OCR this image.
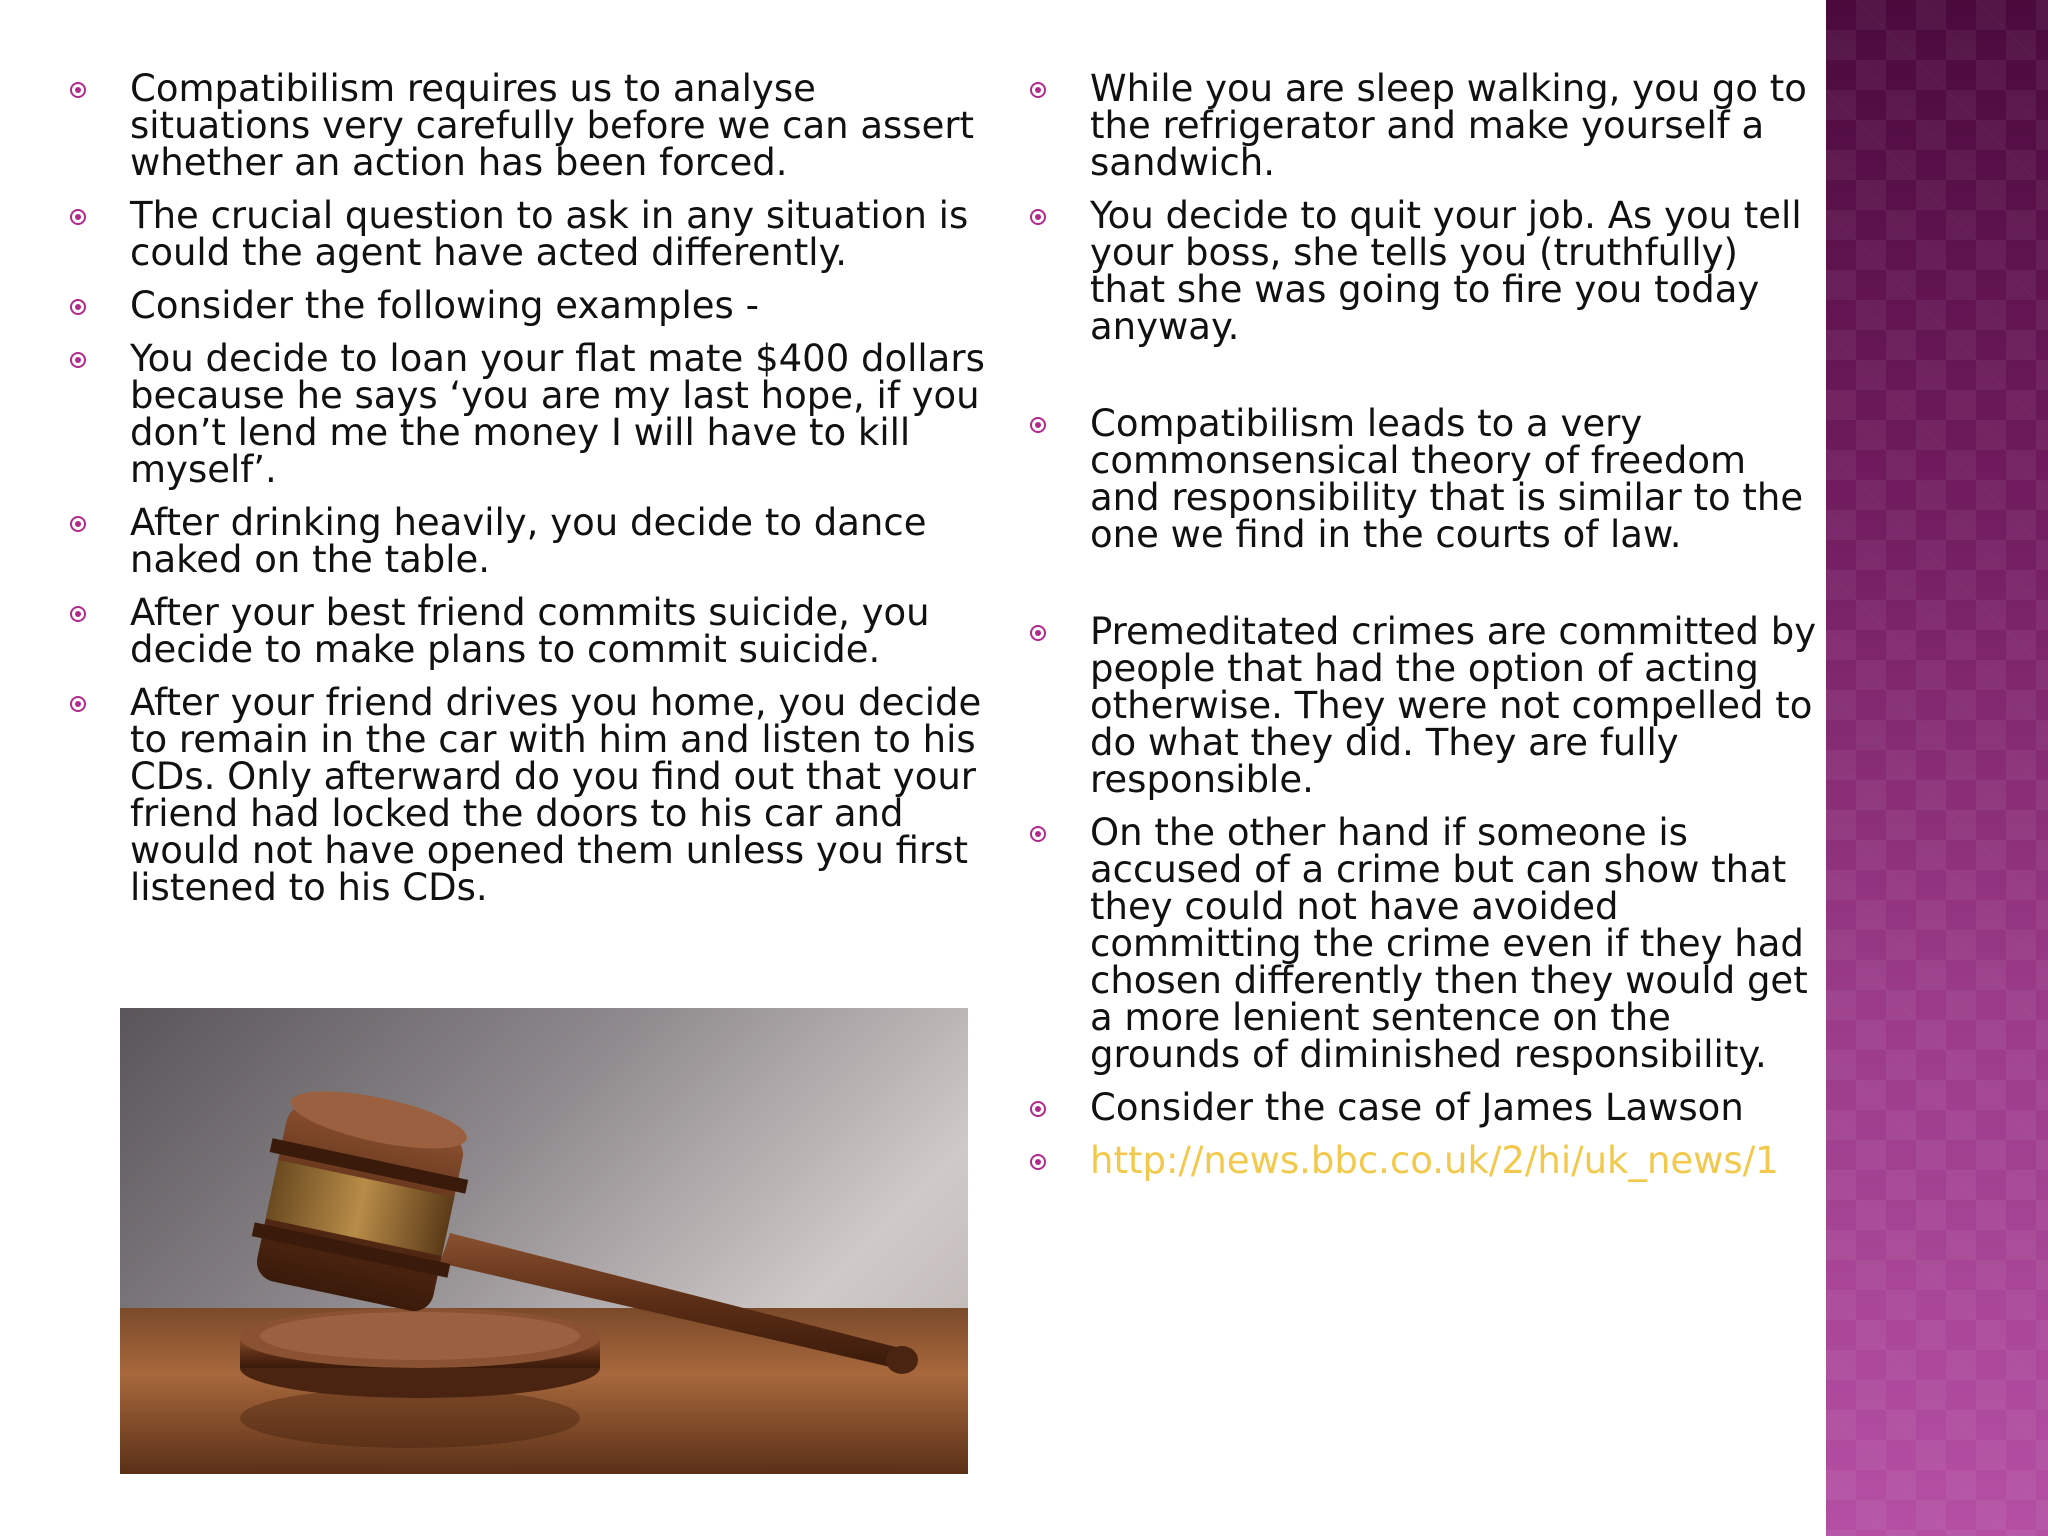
Compatibilism requires us to analyse situations very carefully before we can assert whether an action has been forced.
The crucial question to ask in any situation is could the agent have acted differently.
Consider the following examples -
You decide to loan your flat mate $400 dollars because he says ‘you are my last hope, if you don’t lend me the money I will have to kill myself’.
After drinking heavily, you decide to dance naked on the table.
After your best friend commits suicide, you decide to make plans to commit suicide.
After your friend drives you home, you decide to remain in the car with him and listen to his CDs. Only afterward do you find out that your friend had locked the doors to his car and would not have opened them unless you first listened to his CDs.
While you are sleep walking, you go to the refrigerator and make yourself a sandwich.
You decide to quit your job. As you tell your boss, she tells you (truthfully) that she was going to fire you today anyway.
Compatibilism leads to a very commonsensical theory of freedom and responsibility that is similar to the one we find in the courts of law.
Premeditated crimes are committed by people that had the option of acting otherwise. They were not compelled to do what they did. They are fully responsible.
On the other hand if someone is accused of a crime but can show that they could not have avoided committing the crime even if they had chosen differently then they would get a more lenient sentence on the grounds of diminished responsibility.
Consider the case of James Lawson
http://news.bbc.co.uk/2/hi/uk_news/1
